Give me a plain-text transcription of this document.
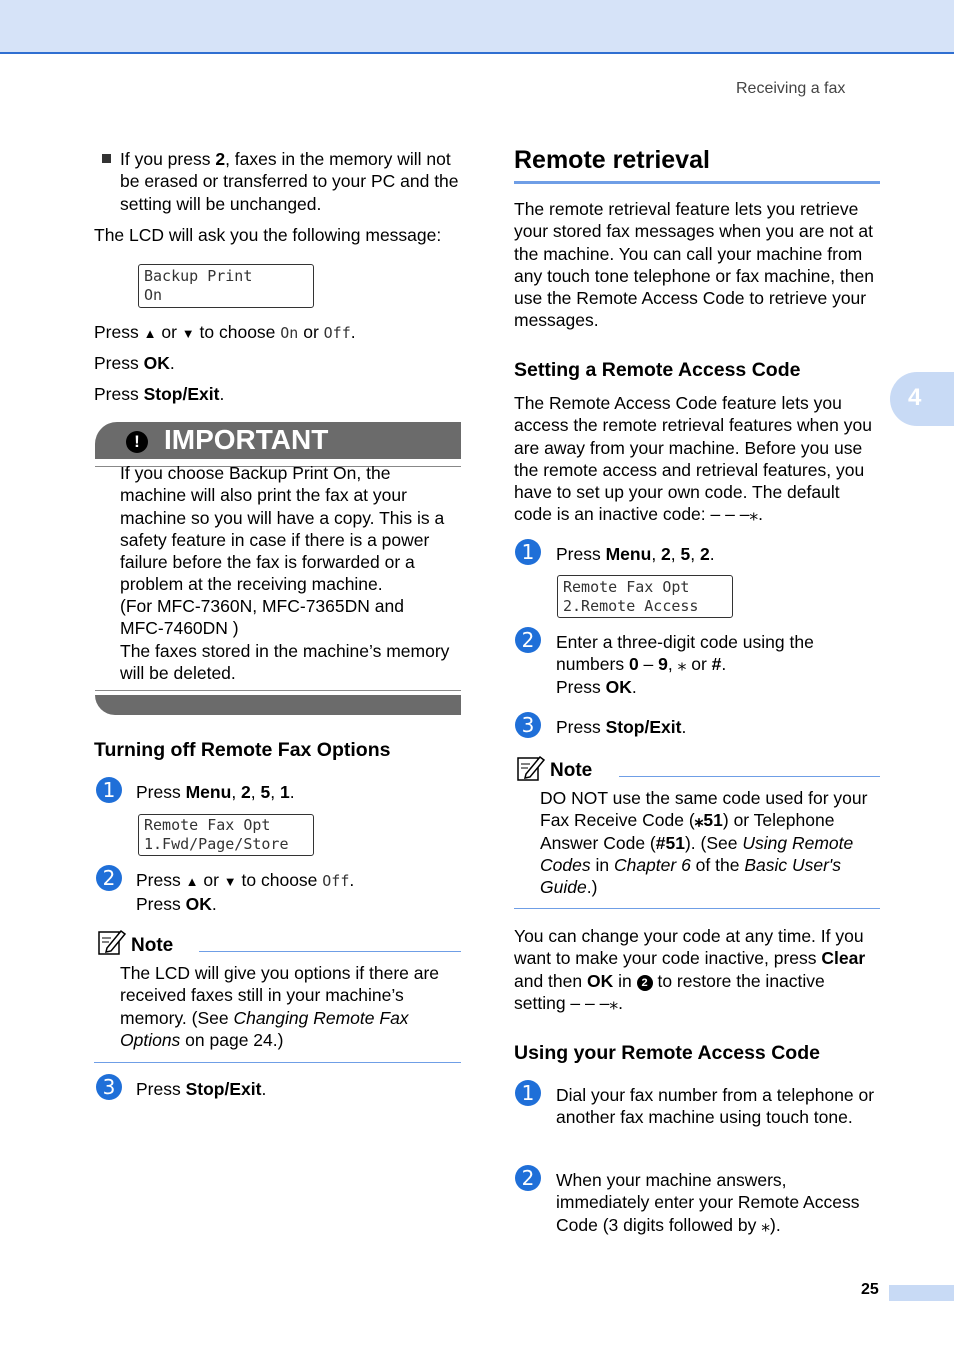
Receiving a fax
4

If you press 2, faxes in the memory will not be erased or transferred to your PC and the setting will be unchanged.

The LCD will ask you the following message:

Backup Print
On

Press ▲ or ▼ to choose On or Off.

Press OK.

Press Stop/Exit.

! IMPORTANT

If you choose Backup Print On, the machine will also print the fax at your machine so you will have a copy. This is a safety feature in case if there is a power failure before the fax is forwarded or a problem at the receiving machine.

(For MFC-7360N, MFC-7365DN and MFC-7460DN )

The faxes stored in the machine’s memory will be deleted.

Turning off Remote Fax Options
1	Press Menu, 2, 5, 1.

Remote Fax Opt
1.Fwd/Page/Store
2	Press ▲ or ▼ to choose Off.
Press OK.

Note

The LCD will give you options if there are received faxes still in your machine’s memory. (See Changing Remote Fax Options on page 24.)

3	Press Stop/Exit.

Remote retrieval

The remote retrieval feature lets you retrieve your stored fax messages when you are not at the machine. You can call your machine from any touch tone telephone or fax machine, then use the Remote Access Code to retrieve your messages.

Setting a Remote Access Code

The Remote Access Code feature lets you access the remote retrieval features when you are away from your machine. Before you use the remote access and retrieval features, you have to set up your own code. The default code is an inactive code: – – –⁎.

1	Press Menu, 2, 5, 2.

Remote Fax Opt
2.Remote Access
2	Enter a three-digit code using the
numbers 0 – 9, ⁎ or #.
Press OK.

3	Press Stop/Exit.

Note

DO NOT use the same code used for your Fax Receive Code (⁎51) or Telephone Answer Code (#51). (See Using Remote Codes in Chapter 6 of the Basic User's Guide.)

You can change your code at any time. If you want to make your code inactive, press Clear and then OK in 2 to restore the inactive setting – – –⁎.

Using your Remote Access Code
1	Dial your fax number from a telephone or another fax machine using touch tone.

2	When your machine answers, immediately enter your Remote Access Code (3 digits followed by ⁎).

25
